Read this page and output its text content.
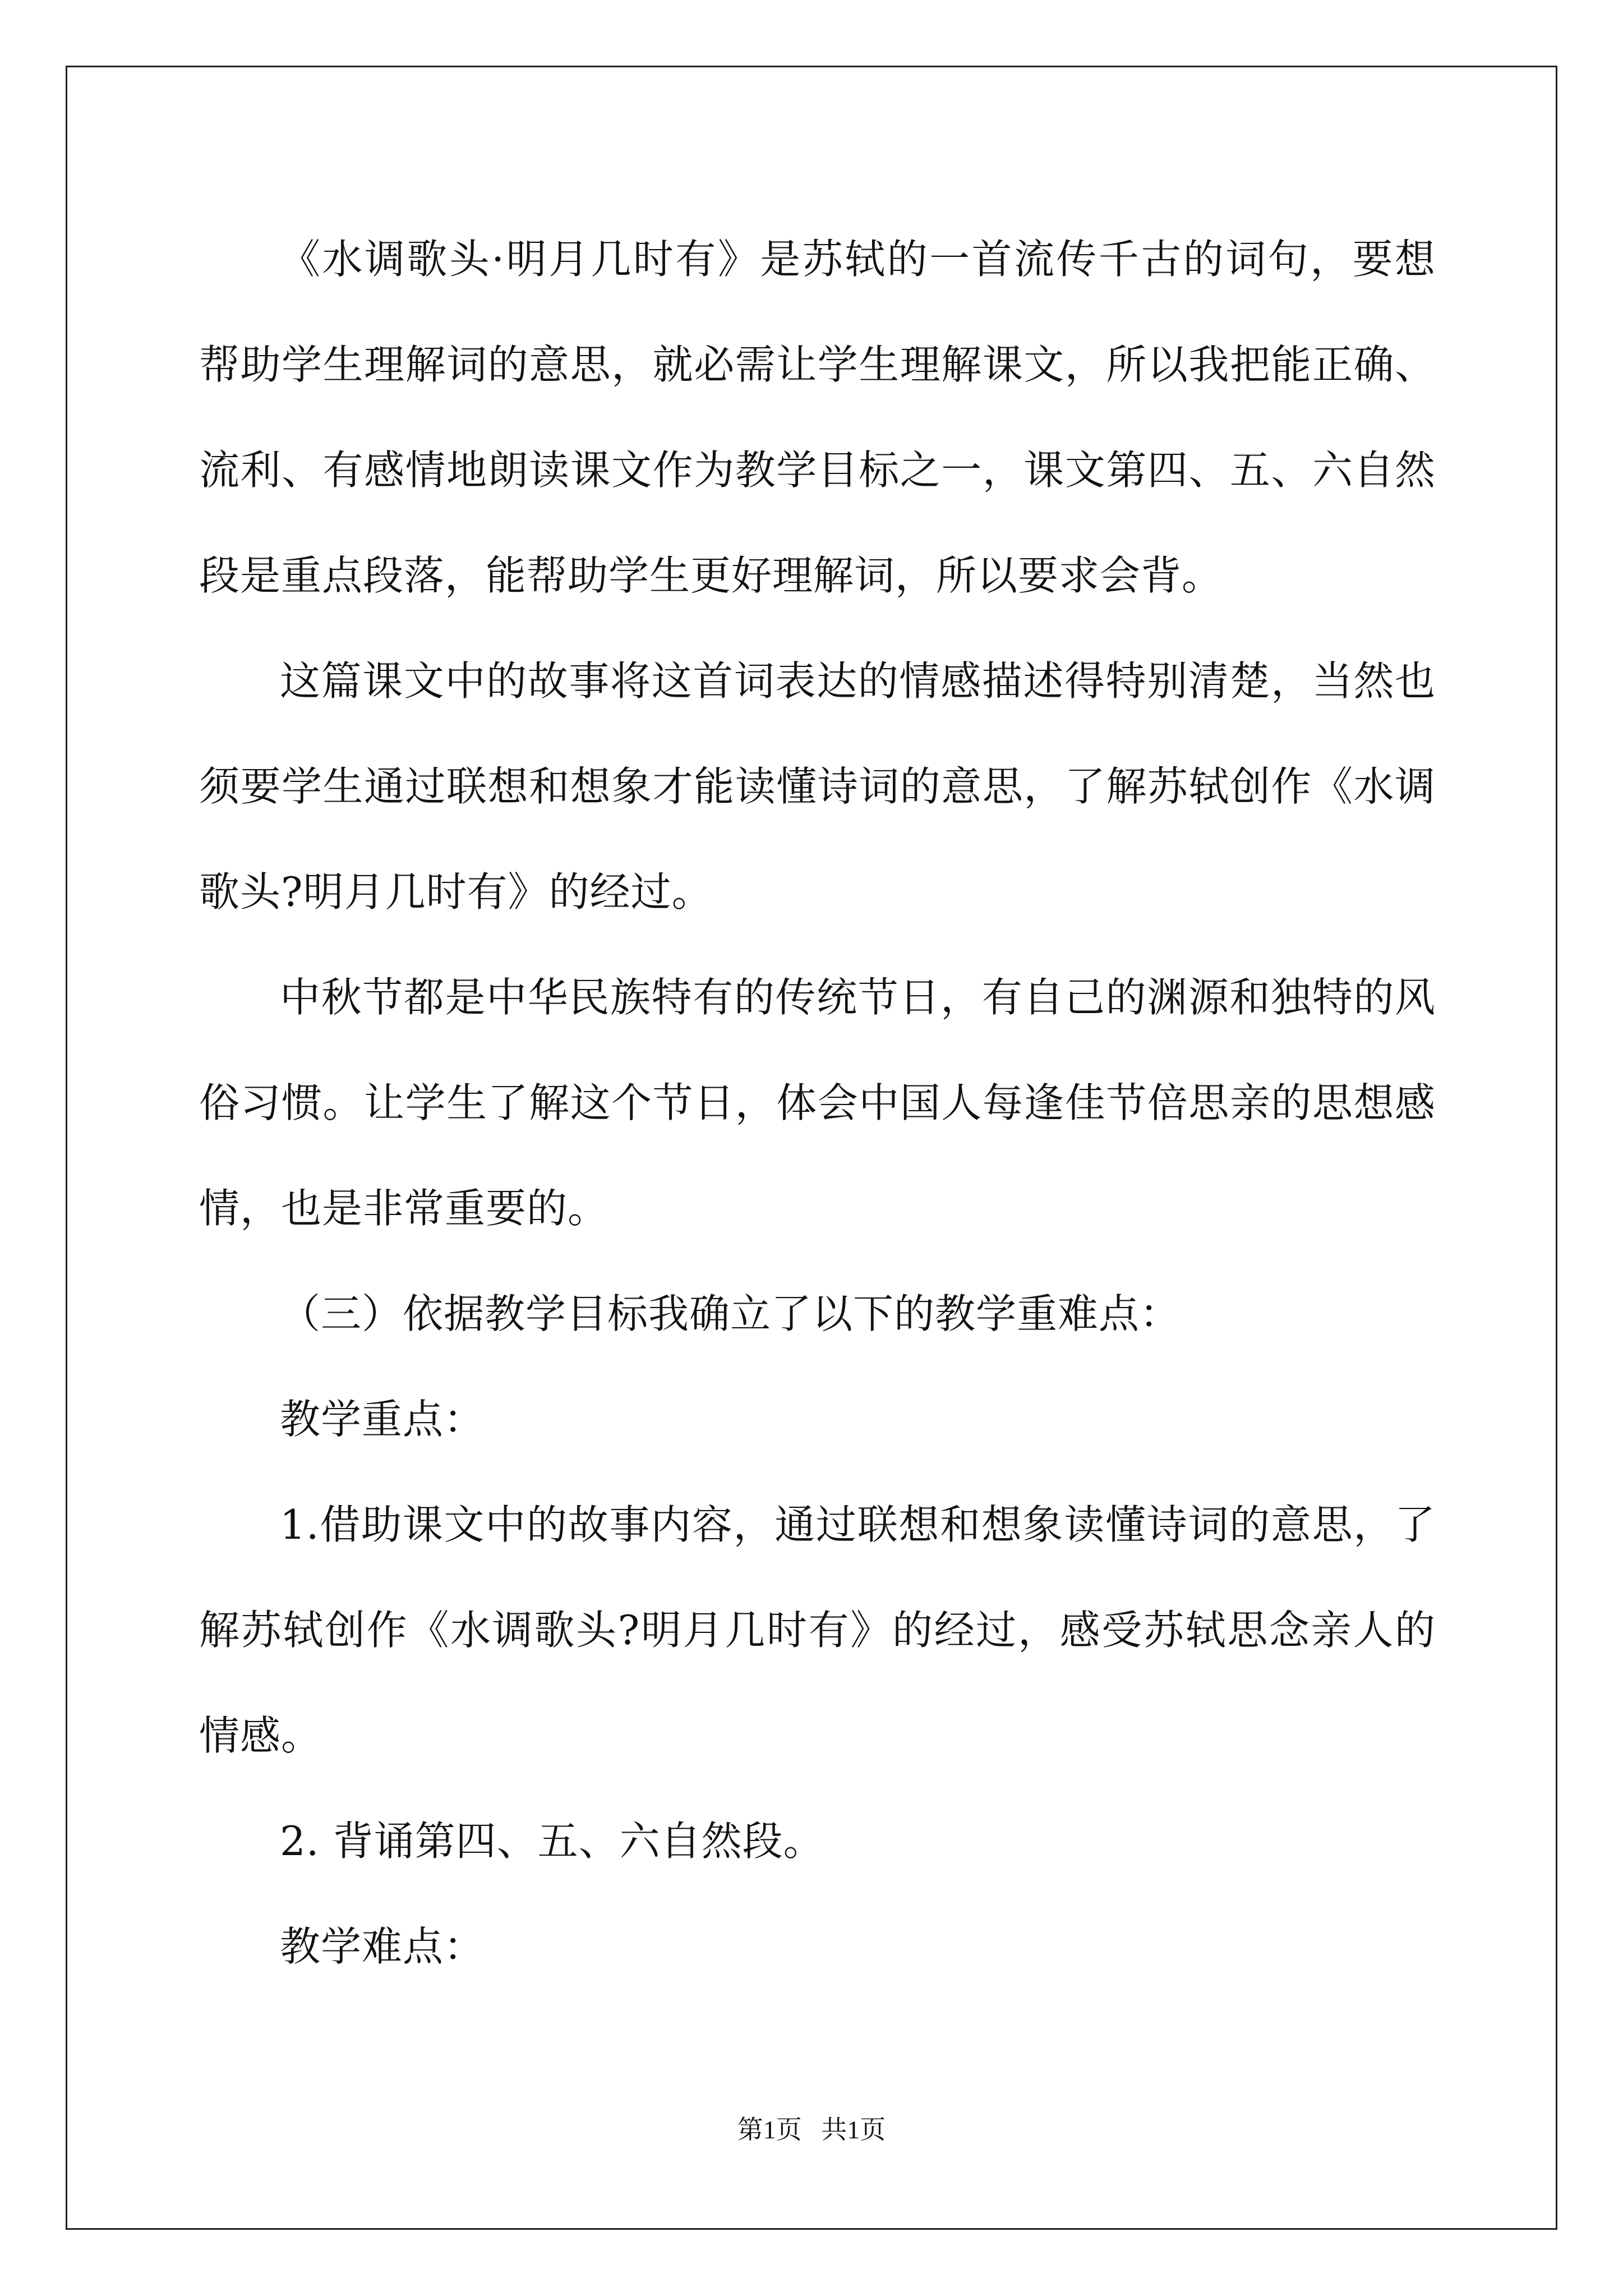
《水调歌头·明月几时有》是苏轼的一首流传千古的词句，要想帮助学生理解词的意思，就必需让学生理解课文，所以我把能正确、流利、有感情地朗读课文作为教学目标之一，课文第四、五、六自然段是重点段落，能帮助学生更好理解词，所以要求会背。

这篇课文中的故事将这首词表达的情感描述得特别清楚，当然也须要学生通过联想和想象才能读懂诗词的意思，了解苏轼创作《水调歌头?明月几时有》的经过。

中秋节都是中华民族特有的传统节日，有自己的渊源和独特的风俗习惯。让学生了解这个节日，体会中国人每逢佳节倍思亲的思想感情，也是非常重要的。

（三）依据教学目标我确立了以下的教学重难点：

教学重点：

1.借助课文中的故事内容，通过联想和想象读懂诗词的意思，了解苏轼创作《水调歌头?明月几时有》的经过，感受苏轼思念亲人的情感。

2. 背诵第四、五、六自然段。

教学难点：

第1页   共1页
